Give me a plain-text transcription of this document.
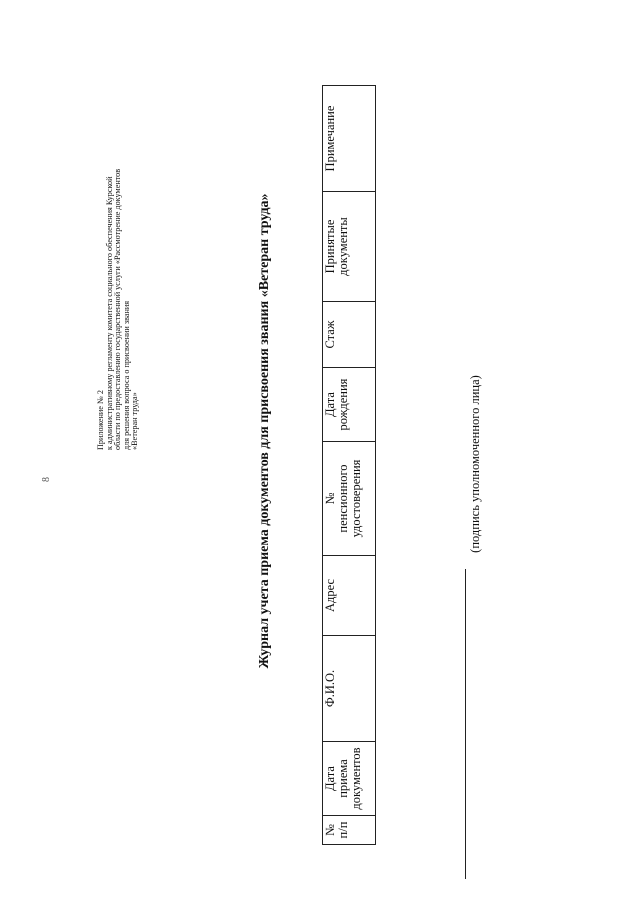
8
Приложение № 2 к административному регламенту комитета социального обеспечения Курской области по предоставлению государственной услуги «Рассмотрение документов для решения вопроса о присвоении звания «Ветеран труда»	Журнал учета приема документов для присвоения звания «Ветеран труда»
№
п/п	Дата
приема
документов	Ф.И.О.	Адрес	№
пенсионного
удостоверения	Дата
рождения	Стаж	Принятые
документы	Примечание
(подпись уполномоченного лица)
